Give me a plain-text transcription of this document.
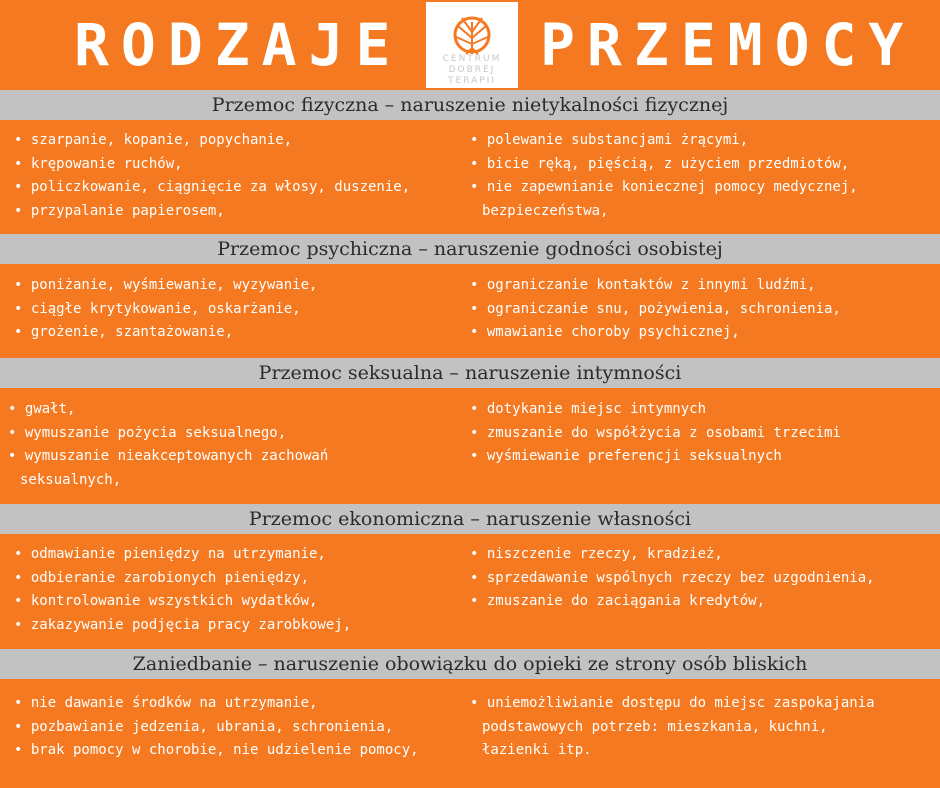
RODZAJE	CENTRUM
DOBREJ
TERAPII
PRZEMOCY
Przemoc fizyczna – naruszenie nietykalności fizycznej
• szarpanie, kopanie, popychanie,
• krępowanie ruchów,
• policzkowanie, ciągnięcie za włosy, duszenie,
• przypalanie papierosem,
• polewanie substancjami żrącymi,
• bicie ręką, pięścią, z użyciem przedmiotów,
• nie zapewnianie koniecznej pomocy medycznej,
bezpieczeństwa,
Przemoc psychiczna – naruszenie godności osobistej
• poniżanie, wyśmiewanie, wyzywanie,
• ciągłe krytykowanie, oskarżanie,
• grożenie, szantażowanie,
• ograniczanie kontaktów z innymi ludźmi,
• ograniczanie snu, pożywienia, schronienia,
• wmawianie choroby psychicznej,
Przemoc seksualna – naruszenie intymności
• gwałt,
• wymuszanie pożycia seksualnego,
• wymuszanie nieakceptowanych zachowań
seksualnych,
• dotykanie miejsc intymnych
• zmuszanie do współżycia z osobami trzecimi
• wyśmiewanie preferencji seksualnych
Przemoc ekonomiczna – naruszenie własności
• odmawianie pieniędzy na utrzymanie,
• odbieranie zarobionych pieniędzy,
• kontrolowanie wszystkich wydatków,
• zakazywanie podjęcia pracy zarobkowej,
• niszczenie rzeczy, kradzież,
• sprzedawanie wspólnych rzeczy bez uzgodnienia,
• zmuszanie do zaciągania kredytów,
Zaniedbanie – naruszenie obowiązku do opieki ze strony osób bliskich
• nie dawanie środków na utrzymanie,
• pozbawianie jedzenia, ubrania, schronienia,
• brak pomocy w chorobie, nie udzielenie pomocy,
• uniemożliwianie dostępu do miejsc zaspokajania
podstawowych potrzeb: mieszkania, kuchni,
łazienki itp.
